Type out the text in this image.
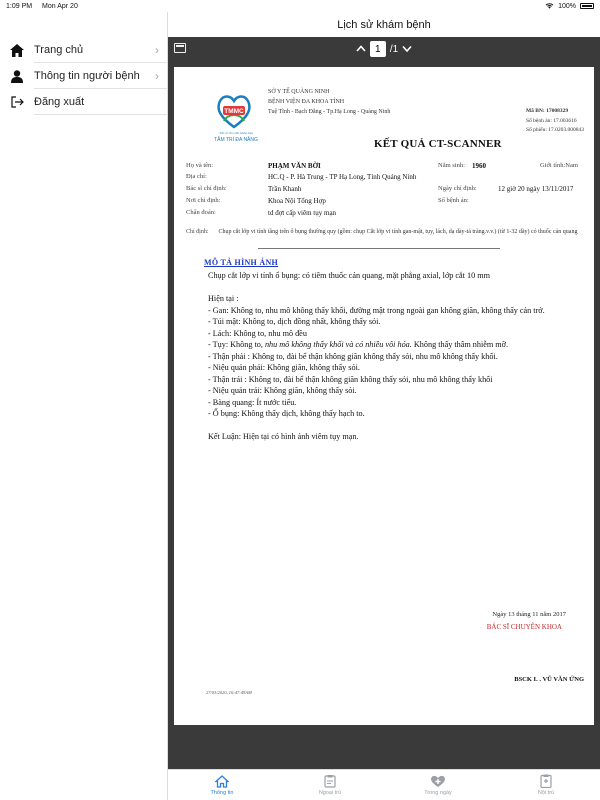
1:09 PM Mon Apr 20	100%
Trang chủ	›
Thông tin người bệnh ›
Đăng xuất
Lịch sử khám bệnh
1 /1
TMMC
Tất cả cho sức khỏe bạn
TÂM TRÍ ĐA NĂNG
SỞ Y TẾ QUẢNG NINH
BỆNH VIỆN ĐA KHOA TỈNH
Tuệ Tĩnh - Bạch Đằng - Tp.Hạ Long - Quảng Ninh	Mã BN: 17008329
Số bệnh án: 17.003616
Số phiếu: 17.0203.000843
KẾT QUẢ CT-SCANNER
Họ và tên:	PHẠM VĂN BỜI	Năm sinh: 1960	Giới tính:Nam
Địa chỉ:	HC.Q - P. Hà Trung - TP Hạ Long, Tỉnh Quảng Ninh
Bác sĩ chỉ định:	Trần Khanh	Ngày chỉ định:	12 giờ 20 ngày 13/11/2017
Nơi chỉ định:	Khoa Nội Tổng Hợp	Số bệnh án:
Chẩn đoán:	td đợt cấp viêm tụy mạn
Chỉ định: Chụp cắt lớp vi tính tầng trên ổ bụng thường quy (gồm: chụp Cắt lớp vi tính gan-mật, tụy, lách, dạ dày-tá tràng.v.v.) (từ 1-32 dãy) có thuốc cản quang
MÔ TẢ HÌNH ẢNH

Chụp cắt lớp vi tính ổ bụng: có tiêm thuốc cản quang, mặt phẳng axial, lớp cắt 10 mm

Hiện tại :

- Gan: Không to, nhu mô không thấy khối, đường mật trong ngoài gan không giãn, không thấy cản trở.

- Túi mật: Không to, dịch đồng nhất, không thấy sỏi.

- Lách: Không to, nhu mô đều

- Tụy: Không to, nhu mô không thấy khối và có nhiều vôi hóa. Không thấy thâm nhiễm mỡ.

- Thận phải : Không to, đài bể thận không giãn không thấy sỏi, nhu mô không thấy khối.

- Niệu quản phải: Không giãn, không thấy sỏi.

- Thận trái : Không to, đài bể thận không giãn không thấy sỏi, nhu mô không thấy khối

- Niệu quản trái: Không giãn, không thấy sỏi.

- Bàng quang: Ít nước tiểu.

- Ổ bụng: Không thấy dịch, không thấy hạch to.

Kết Luận: Hiện tại có hình ảnh viêm tụy mạn.

Ngày 13 tháng 11 năm 2017
BÁC SĨ CHUYÊN KHOA
BSCK I. . VŨ VĂN ỨNG
27/03/2020, 10:47:49AM
Thông tin	Ngoại trú	Trong ngày	Nội trú
